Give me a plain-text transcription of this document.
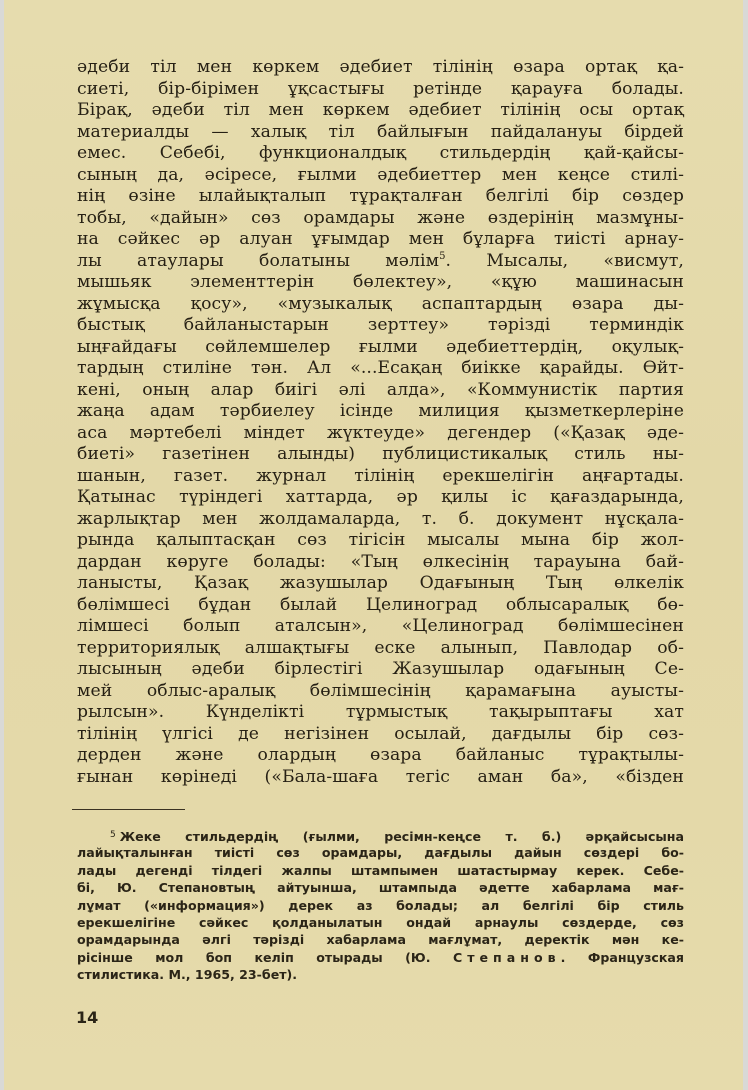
әдеби тіл мен көркем әдебиет тілінің өзара ортақ қа-
сиеті, бір-бірімен ұқсастығы ретінде қарауға болады.
Бірақ, әдеби тіл мен көркем әдебиет тілінің осы ортақ
материалды — халық тіл байлығын пайдалануы бірдей
емес. Себебі, функционалдық стильдердің қай-қайсы-
сының да, әсіресе, ғылми әдебиеттер мен кеңсе стилі-
нің өзіне ылайықталып тұрақталған белгілі бір сөздер
тобы, «дайын» сөз орамдары және өздерінің мазмұны-
на сәйкес әр алуан ұғымдар мен бұларға тиісті арнау-
лы атаулары болатыны мәлім$^5$. Мысалы, «висмут,
мышьяк элементтерін бөлектеу», «құю машинасын
жұмысқа қосу», «музыкалық аспаптардың өзара ды-
быстық байланыстарын зерттеу» тәрізді терминдік
ыңғайдағы сөйлемшелер ғылми әдебиеттердің, оқулық-
тардың стиліне тән. Ал «...Есақаң биікке қарайды. Өйт-
кені, оның алар биігі әлі алда», «Коммунистік партия
жаңа адам тәрбиелеу ісінде милиция қызметкерлеріне
аса мәртебелі міндет жүктеуде» дегендер («Қазақ әде-
биеті» газетінен алынды) публицистикалық стиль ны-
шанын, газет. журнал тілінің ерекшелігін аңғартады.
Қатынас түріндегі хаттарда, әр қилы іс қағаздарында,
жарлықтар мен жолдамаларда, т. б. документ нұсқала-
рында қалыптасқан сөз тігісін мысалы мына бір жол-
дардан көруге болады: «Тың өлкесінің тарауына бай-
ланысты, Қазақ жазушылар Одағының Тың өлкелік
бөлімшесі бұдан былай Целиноград облысаралық бө-
лімшесі болып аталсын», «Целиноград бөлімшесінен
территориялық алшақтығы еске алынып, Павлодар об-
лысының әдеби бірлестігі Жазушылар одағының Се-
мей облыс-аралық бөлімшесінің қарамағына ауысты-
рылсын». Күнделікті тұрмыстық тақырыптағы хат
тілінің үлгісі де негізінен осылай, дағдылы бір сөз-
дерден және олардың өзара байланыс тұрақтылы-
ғынан көрінеді («Бала-шаға тегіс аман ба», «бізден
$^5$ Жеке стильдердің (ғылми, ресімн-кеңсе т. б.) әрқайсысына
лайықталынған тиісті сөз орамдары, дағдылы дайын сөздері бо-
лады дегенді тілдегі жалпы штампымен шатастырмау керек. Себе-
бі, Ю. Степановтың айтуынша, штампыда әдетте хабарлама мағ-
лұмат («информация») дерек аз болады; ал белгілі бір стиль
ерекшелігіне сәйкес қолданылатын ондай арнаулы сөздерде, сөз
орамдарында әлгі тәрізді хабарлама мағлұмат, деректік мән ке-
рісінше мол боп келіп отырады (Ю. Степанов. Французская
стилистика. М., 1965, 23-бет).
14
